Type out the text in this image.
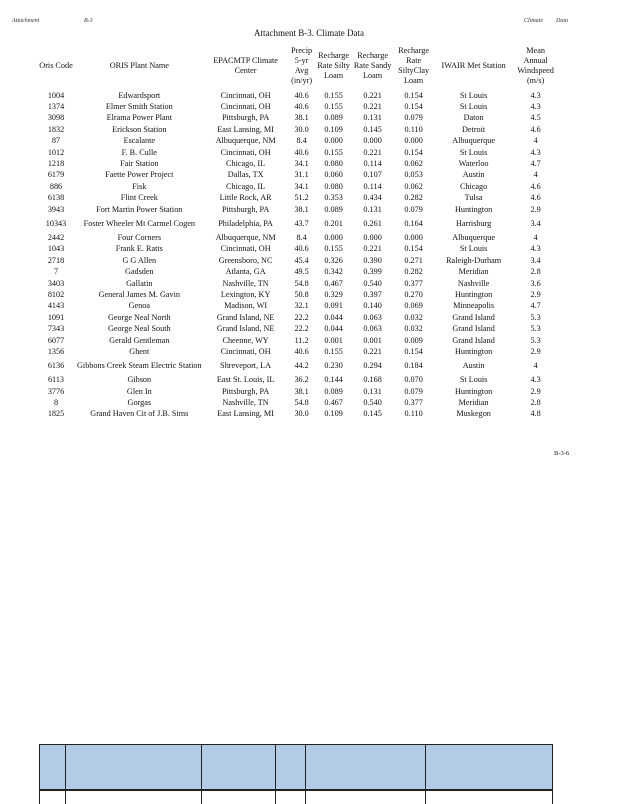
Attachment	B-3	Climate Data
Attachment B-3. Climate Data
Oris Code	ORIS Plant Name	EPACMTP Climate Center	Precip 5-yr Avg (in/yr)	Recharge Rate Silty Loam	Recharge Rate Sandy Loam	Recharge Rate SiltyClay Loam	IWAIR Met Station	Mean Annual Windspeed (m/s)
1004	Edwardsport	Cincinnati, OH	40.6	0.155	0.221	0.154	St Louis	4.3
1374	Elmer Smith Station	Cincinnati, OH	40.6	0.155	0.221	0.154	St Louis	4.3
3098	Elrama Power Plant	Pittsburgh, PA	38.1	0.089	0.131	0.079	Daton	4.5
1832	Erickson Station	East Lansing, MI	30.0	0.109	0.145	0.110	Detroit	4.6
87	Escalante	Albuquerque, NM	8.4	0.000	0.000	0.000	Albuquerque	4
1012	F. B. Culle	Cincinnati, OH	40.6	0.155	0.221	0.154	St Louis	4.3
1218	Fair Station	Chicago, IL	34.1	0.080	0.114	0.062	Waterloo	4.7
6179	Faette Power Project	Dallas, TX	31.1	0.060	0.107	0.053	Austin	4
886	Fisk	Chicago, IL	34.1	0.080	0.114	0.062	Chicago	4.6
6138	Flint Creek	Little Rock, AR	51.2	0.353	0.434	0.282	Tulsa	4.6
3943	Fort Martin Power Station	Pittsburgh, PA	38.1	0.089	0.131	0.079	Huntington	2.9
10343	Foster Wheeler Mt Carmel Cogen	Philadelphia, PA	43.7	0.201	0.261	0.164	Harrisburg	3.4
2442	Four Corners	Albuquerque, NM	8.4	0.000	0.000	0.000	Albuquerque	4
1043	Frank E. Ratts	Cincinnati, OH	40.6	0.155	0.221	0.154	St Louis	4.3
2718	G G Allen	Greensboro, NC	45.4	0.326	0.390	0.271	Raleigh-Durham	3.4
7	Gadsden	Atlanta, GA	49.5	0.342	0.399	0.282	Meridian	2.8
3403	Gallatin	Nashville, TN	54.8	0.467	0.540	0.377	Nashville	3.6
8102	General James M. Gavin	Lexington, KY	50.8	0.329	0.397	0.270	Huntington	2.9
4143	Genoa	Madison, WI	32.1	0.091	0.140	0.069	Minneapolis	4.7
1091	George Neal North	Grand Island, NE	22.2	0.044	0.063	0.032	Grand Island	5.3
7343	George Neal South	Grand Island, NE	22.2	0.044	0.063	0.032	Grand Island	5.3
6077	Gerald Gentleman	Cheenne, WY	11.2	0.001	0.001	0.009	Grand Island	5.3
1356	Ghent	Cincinnati, OH	40.6	0.155	0.221	0.154	Huntington	2.9
6136	Gibbons Creek Steam Electric Station	Shreveport, LA	44.2	0.230	0.294	0.184	Austin	4
6113	Gibson	East St. Louis, IL	36.2	0.144	0.168	0.070	St Louis	4.3
3776	Glen In	Pittsburgh, PA	38.1	0.089	0.131	0.079	Huntington	2.9
8	Gorgas	Nashville, TN	54.8	0.467	0.540	0.377	Meridian	2.8
1825	Grand Haven Cit of J.B. Sims	East Lansing, MI	30.0	0.109	0.145	0.110	Muskegon	4.8
B-3-6
